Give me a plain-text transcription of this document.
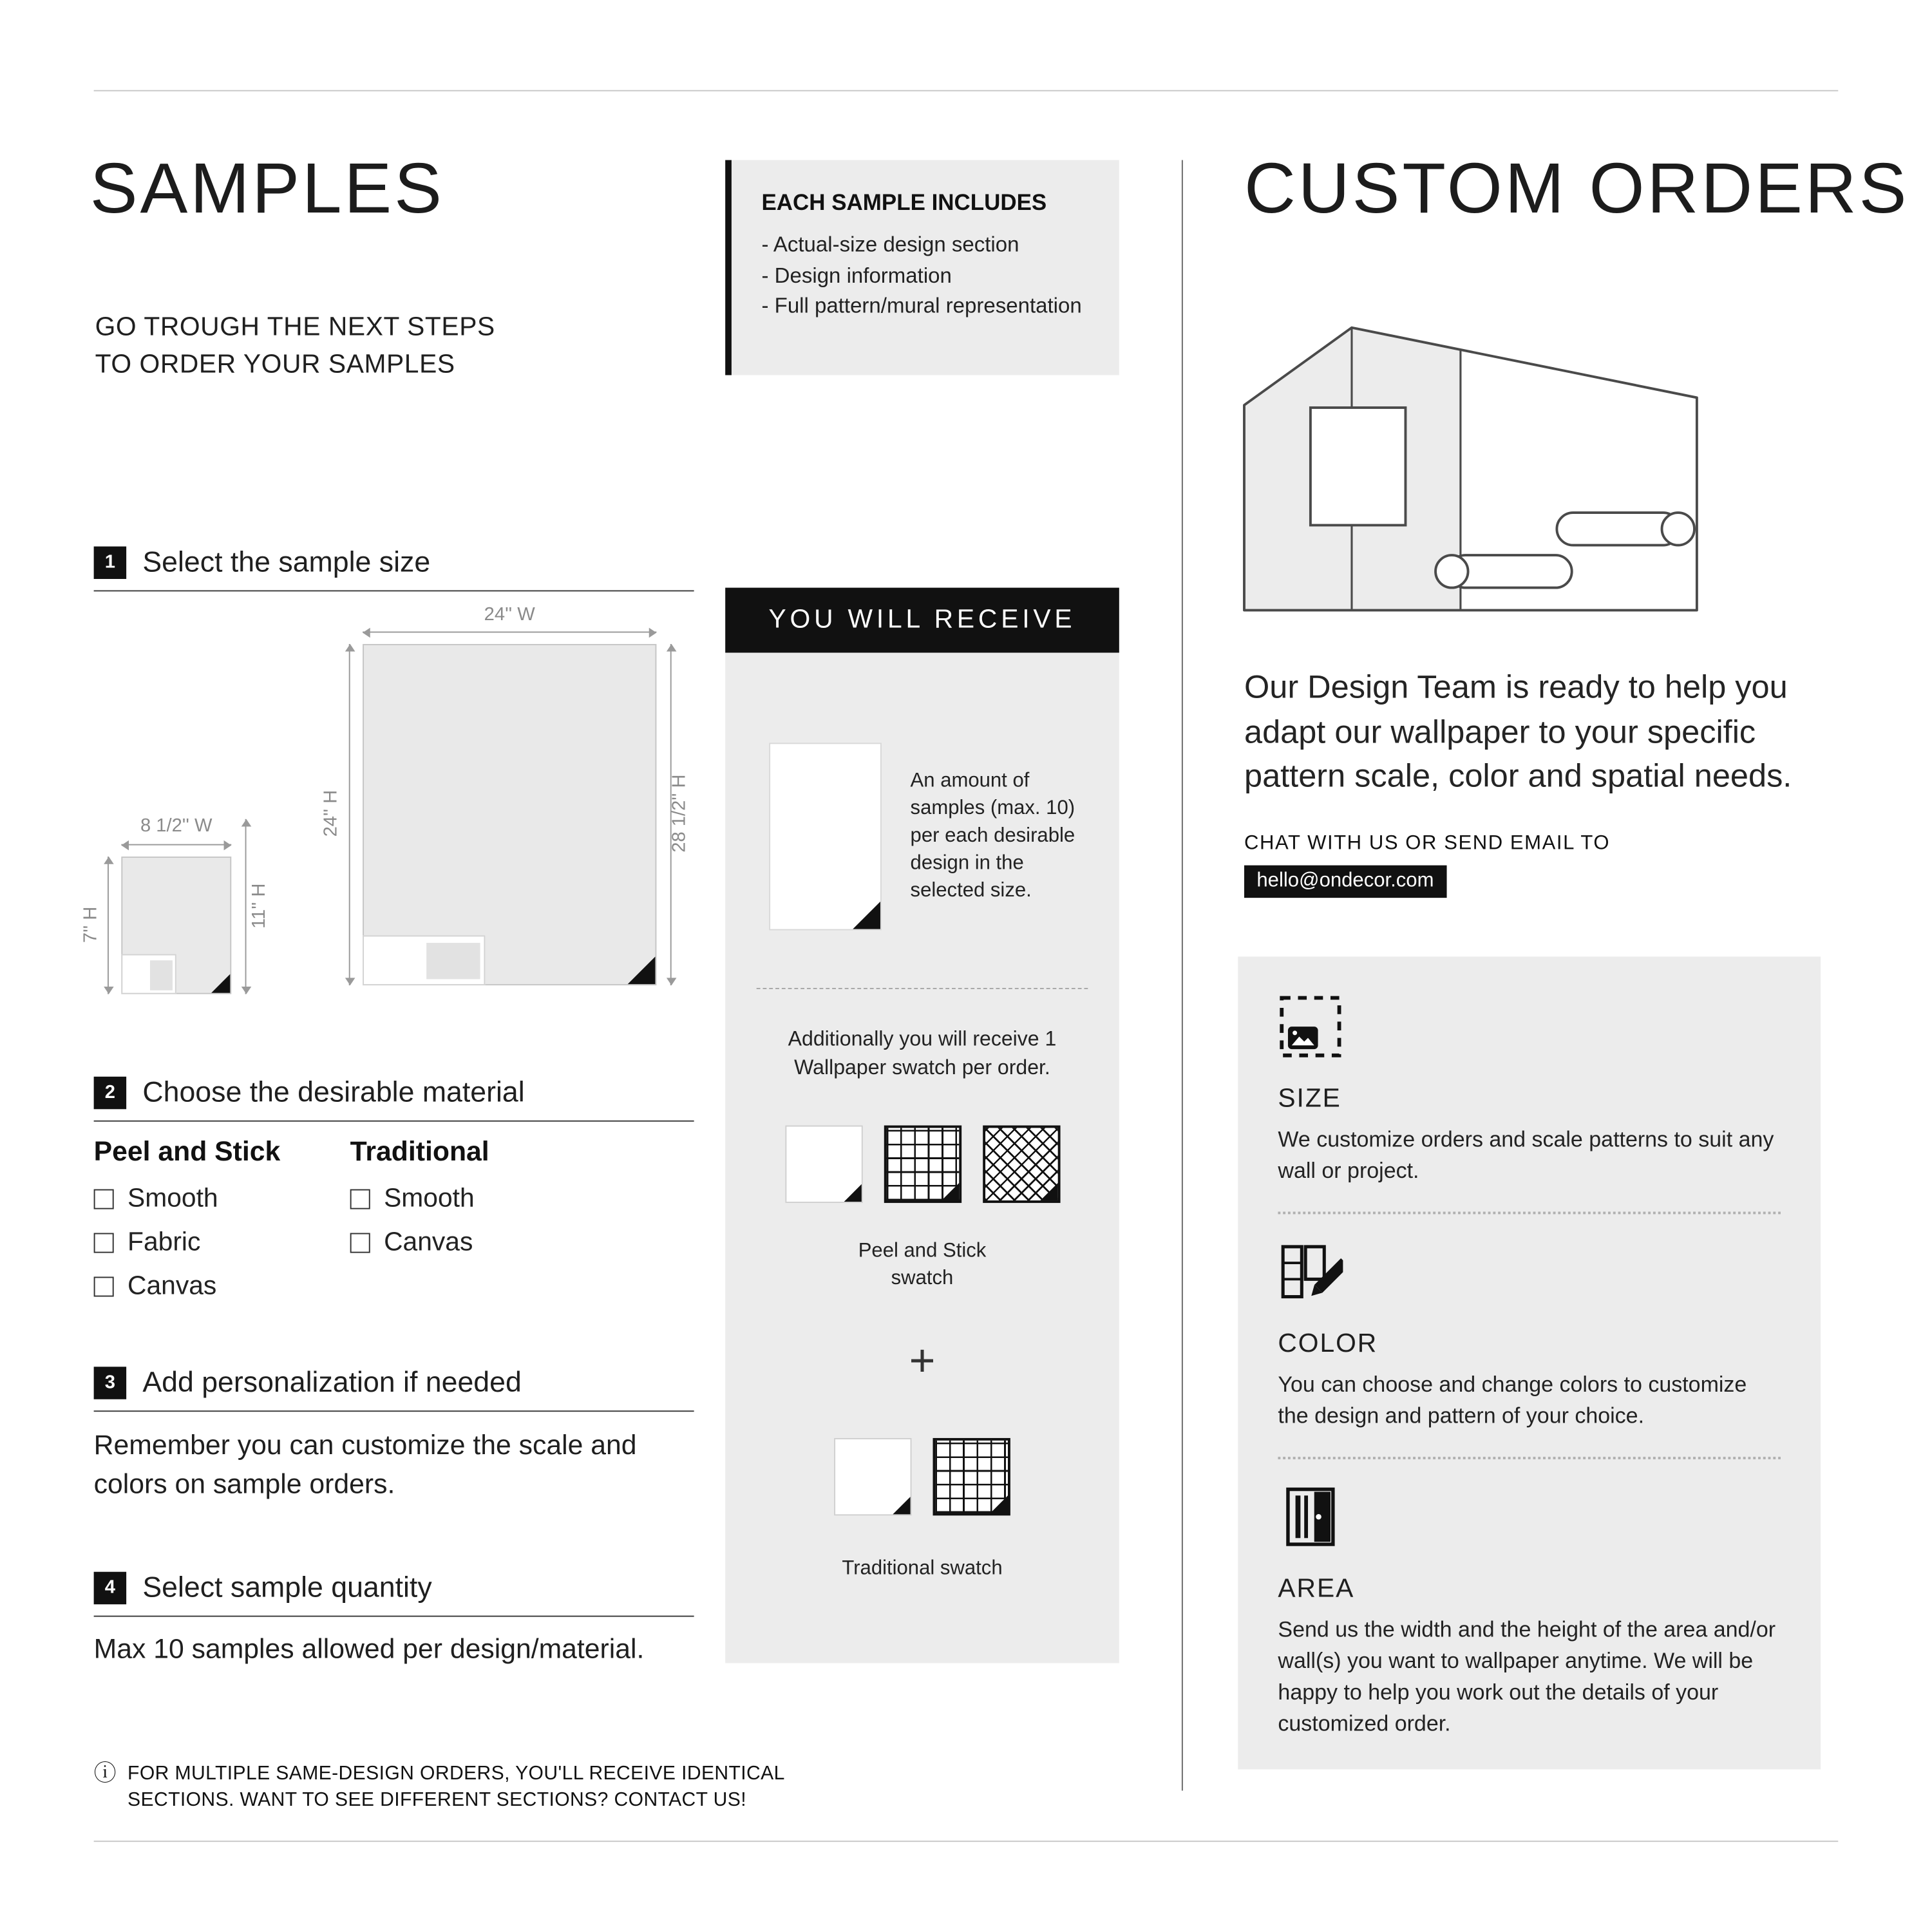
SAMPLES
GO TROUGH THE NEXT STEPS
TO ORDER YOUR SAMPLES
EACH SAMPLE INCLUDES
- Actual-size design section
- Design information
- Full pattern/mural representation
1	Select the sample size
24'' W
24'' H	28 1/2'' H
8 1/2'' W
7'' H	11'' H
2	Choose the desirable material
Peel and Stick
Smooth
Fabric
Canvas
Traditional
Smooth
Canvas
3	Add personalization if needed
Remember you can customize the scale and colors on sample orders.
4	Select sample quantity
Max 10 samples allowed per design/material.
ⓘ FOR MULTIPLE SAME-DESIGN ORDERS, YOU'LL RECEIVE IDENTICAL
SECTIONS. WANT TO SEE DIFFERENT SECTIONS? CONTACT US!
YOU WILL RECEIVE
An amount of samples (max. 10) per each desirable design in the selected size.
Additionally you will receive 1 Wallpaper swatch per order.
Peel and Stick swatch
+
Traditional swatch
CUSTOM ORDERS
Our Design Team is ready to help you adapt our wallpaper to your specific pattern scale, color and spatial needs.
CHAT WITH US OR SEND EMAIL TO
hello@ondecor.com
SIZE
We customize orders and scale patterns to suit any wall or project.
COLOR
You can choose and change colors to customize the design and pattern of your choice.
AREA
Send us the width and the height of the area and/or wall(s) you want to wallpaper anytime. We will be happy to help you work out the details of your customized order.
